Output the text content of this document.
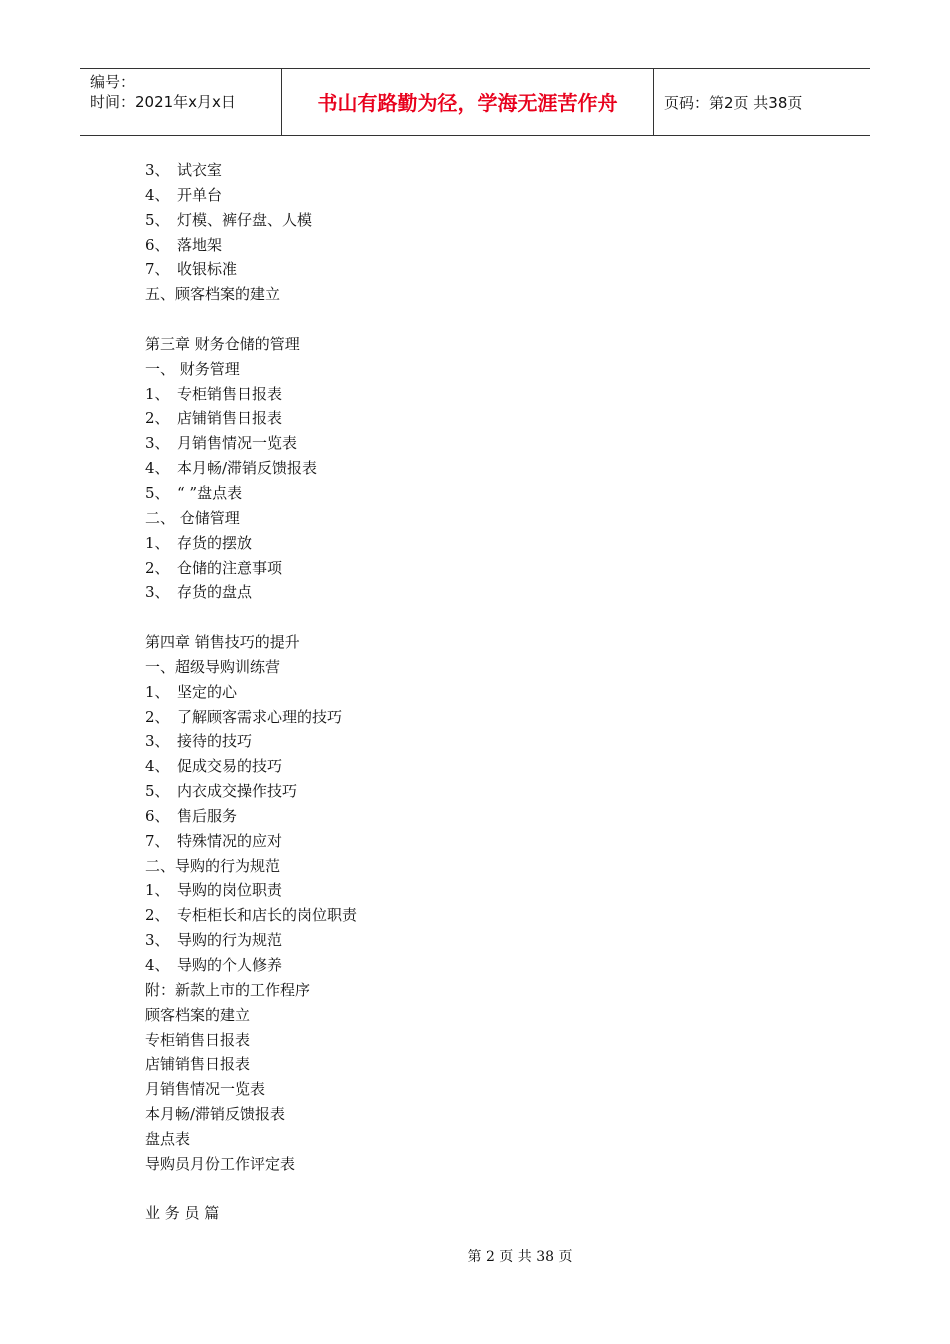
编号：
时间：2021年x月x日	书山有路勤为径，学海无涯苦作舟	页码：第2页 共38页
3、 试衣室
4、 开单台
5、 灯模、裤仔盘、人模
6、 落地架
7、 收银标准
五、顾客档案的建立
第三章 财务仓储的管理
一、 财务管理
1、 专柜销售日报表
2、 店铺销售日报表
3、 月销售情况一览表
4、 本月畅/滞销反馈报表
5、 “ ”盘点表
二、 仓储管理
1、 存货的摆放
2、 仓储的注意事项
3、 存货的盘点
第四章 销售技巧的提升
一、超级导购训练营
1、 坚定的心
2、 了解顾客需求心理的技巧
3、 接待的技巧
4、 促成交易的技巧
5、 内衣成交操作技巧
6、 售后服务
7、 特殊情况的应对
二、导购的行为规范
1、 导购的岗位职责
2、 专柜柜长和店长的岗位职责
3、 导购的行为规范
4、 导购的个人修养
附：新款上市的工作程序
顾客档案的建立
专柜销售日报表
店铺销售日报表
月销售情况一览表
本月畅/滞销反馈报表
盘点表
导购员月份工作评定表
业 务 员 篇
第 2 页 共 38 页
